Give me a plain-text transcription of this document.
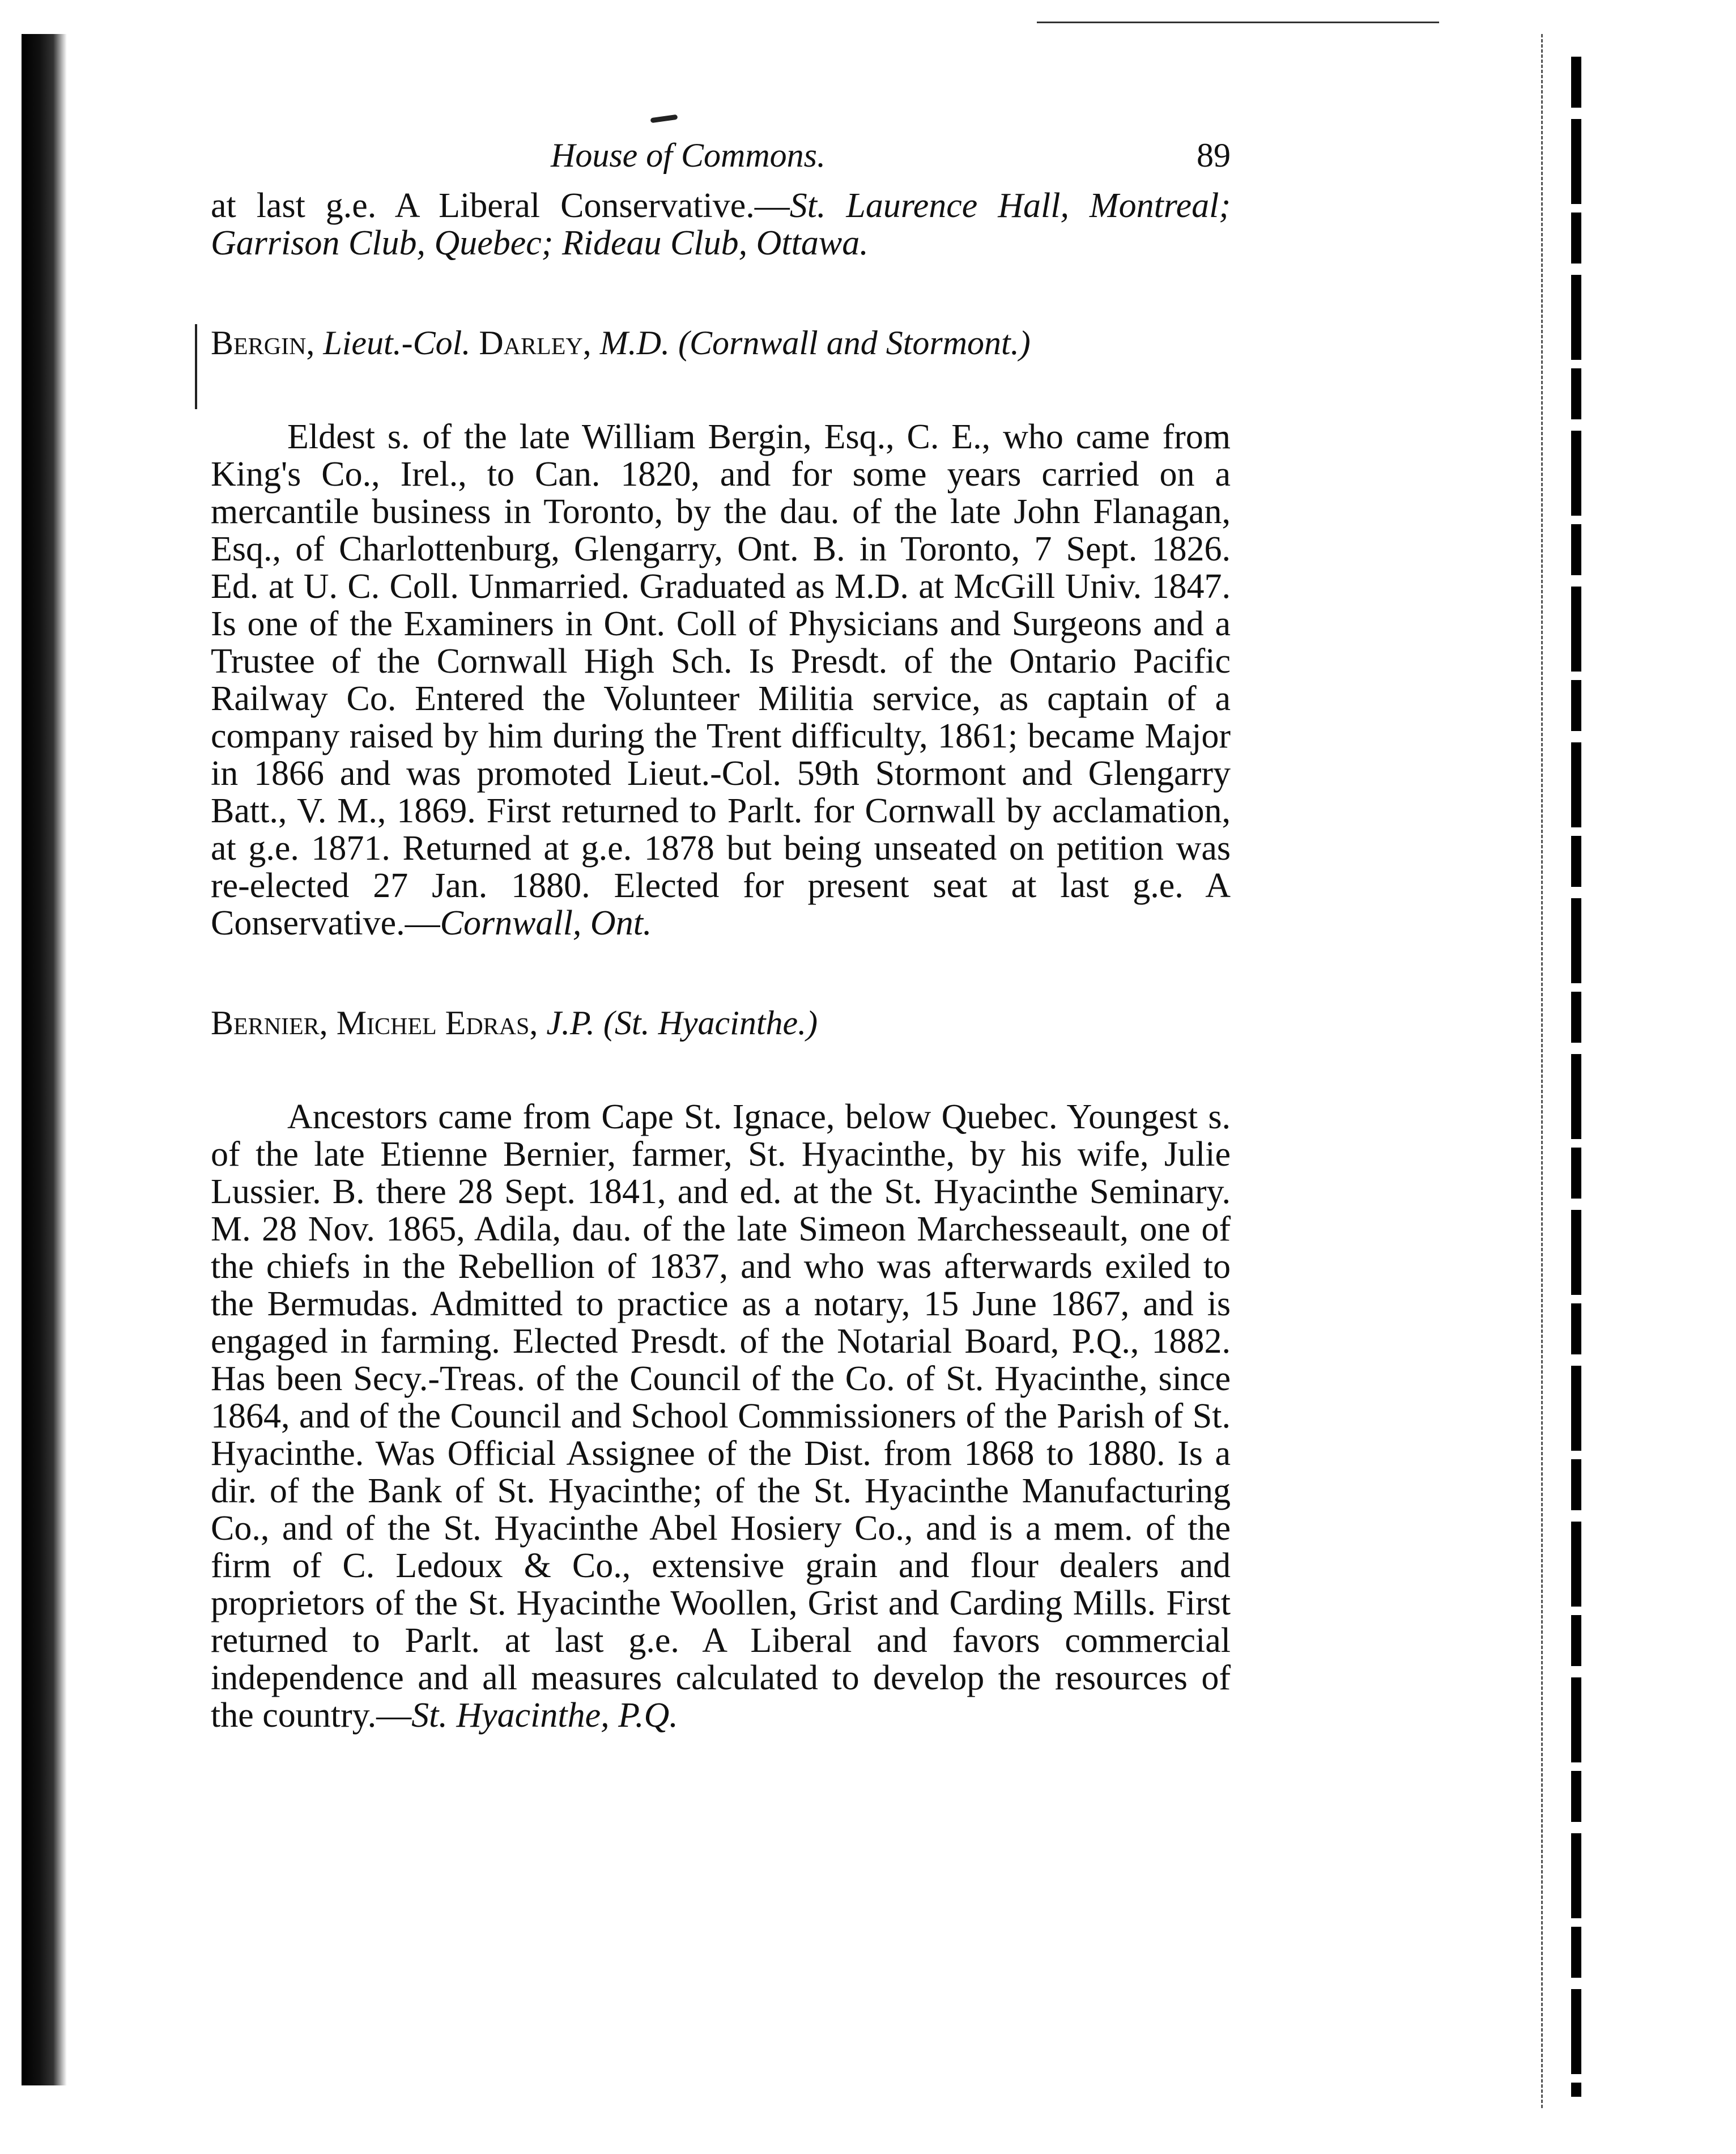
House of Commons.	89

at last g.e. A Liberal Conservative.—St. Laurence Hall, Montreal; Garrison Club, Quebec; Rideau Club, Ottawa.

Bergin, Lieut.-Col. Darley, M.D. (Cornwall and Stormont.)

Eldest s. of the late William Bergin, Esq., C. E., who came from King's Co., Irel., to Can. 1820, and for some years carried on a mercantile business in Toronto, by the dau. of the late John Flanagan, Esq., of Charlottenburg, Glengarry, Ont. B. in Toronto, 7 Sept. 1826. Ed. at U. C. Coll. Unmarried. Graduated as M.D. at McGill Univ. 1847. Is one of the Examiners in Ont. Coll of Physicians and Surgeons and a Trustee of the Cornwall High Sch. Is Presdt. of the Ontario Pacific Railway Co. Entered the Volunteer Militia service, as captain of a company raised by him during the Trent difficulty, 1861; became Major in 1866 and was promoted Lieut.-Col. 59th Stormont and Glengarry Batt., V. M., 1869. First returned to Parlt. for Cornwall by acclamation, at g.e. 1871. Returned at g.e. 1878 but being unseated on petition was re-elected 27 Jan. 1880. Elected for present seat at last g.e. A Conservative.—Cornwall, Ont.

Bernier, Michel Edras, J.P. (St. Hyacinthe.)

Ancestors came from Cape St. Ignace, below Quebec. Youngest s. of the late Etienne Bernier, farmer, St. Hyacinthe, by his wife, Julie Lussier. B. there 28 Sept. 1841, and ed. at the St. Hyacinthe Seminary. M. 28 Nov. 1865, Adila, dau. of the late Simeon Marchesseault, one of the chiefs in the Rebellion of 1837, and who was afterwards exiled to the Bermudas. Admitted to practice as a notary, 15 June 1867, and is engaged in farming. Elected Presdt. of the Notarial Board, P.Q., 1882. Has been Secy.-Treas. of the Council of the Co. of St. Hyacinthe, since 1864, and of the Council and School Commissioners of the Parish of St. Hyacinthe. Was Official Assignee of the Dist. from 1868 to 1880. Is a dir. of the Bank of St. Hyacinthe; of the St. Hyacinthe Manufacturing Co., and of the St. Hyacinthe Abel Hosiery Co., and is a mem. of the firm of C. Ledoux & Co., extensive grain and flour dealers and proprietors of the St. Hyacinthe Woollen, Grist and Carding Mills. First returned to Parlt. at last g.e. A Liberal and favors commercial independence and all measures calculated to develop the resources of the country.—St. Hyacinthe, P.Q.
